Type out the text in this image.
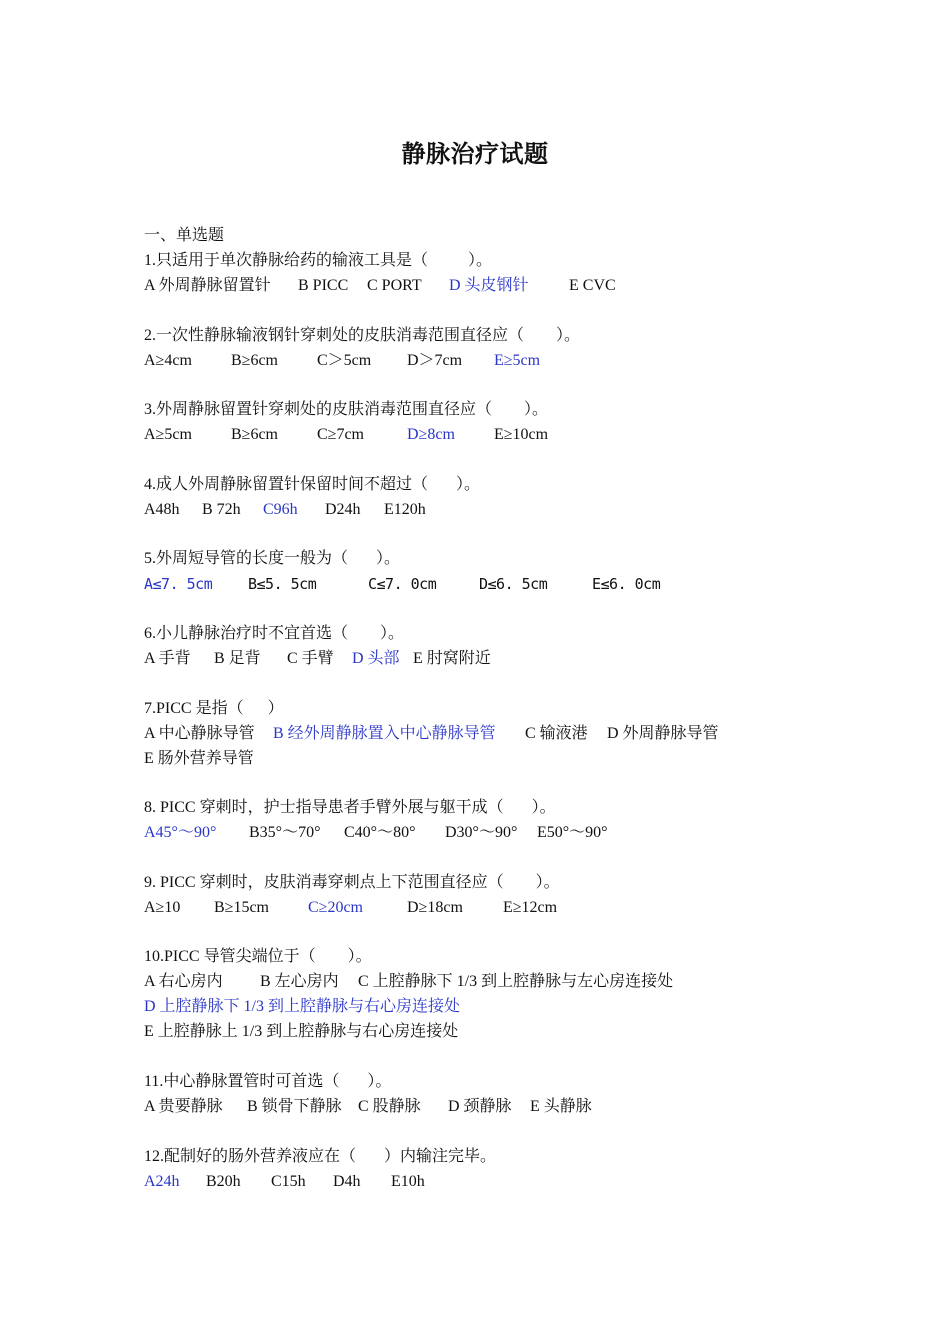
静脉治疗试题
一、单选题
1.只适用于单次静脉给药的输液工具是（          ）。

A 外周静脉留置针

B PICC

C PORT

D 头皮钢针

	E CVC

2.一次性静脉输液钢针穿刺处的皮肤消毒范围直径应（        ）。

A≥4cm

B≥6cm

C＞5cm

D＞7cm

E≥5cm

3.外周静脉留置针穿刺处的皮肤消毒范围直径应（        ）。

A≥5cm

B≥6cm

C≥7cm

	D≥8cm

E≥10cm

4.成人外周静脉留置针保留时间不超过（       ）。

A48h

B 72h

C96h

D24h

E120h

5.外周短导管的长度一般为（       ）。

A≤7. 5cm

B≤5. 5cm

	C≤7. 0cm

	D≤6. 5cm

	E≤6. 0cm

6.小儿静脉治疗时不宜首选（        ）。

A 手背

B 足背

C 手臂

D 头部

E 肘窝附近

7.PICC 是指（      ）

A 中心静脉导管

B 经外周静脉置入中心静脉导管

C 输液港

D 外周静脉导管

E 肠外营养导管

8. PICC 穿刺时，护士指导患者手臂外展与躯干成（       ）。

A45°～90°

B35°～70°

C40°～80°

D30°～90°

E50°～90°

9. PICC 穿刺时，皮肤消毒穿刺点上下范围直径应（        ）。

A≥10

B≥15cm

C≥20cm

	D≥18cm

	E≥12cm

10.PICC 导管尖端位于（        ）。

A 右心房内

B 左心房内

C 上腔静脉下 1/3 到上腔静脉与左心房连接处

D 上腔静脉下 1/3 到上腔静脉与右心房连接处
E 上腔静脉上 1/3 到上腔静脉与右心房连接处
11.中心静脉置管时可首选（       ）。

A 贵要静脉

B 锁骨下静脉

C 股静脉

D 颈静脉

E 头静脉

12.配制好的肠外营养液应在（       ）内输注完毕。

A24h

B20h

C15h

D4h

E10h
